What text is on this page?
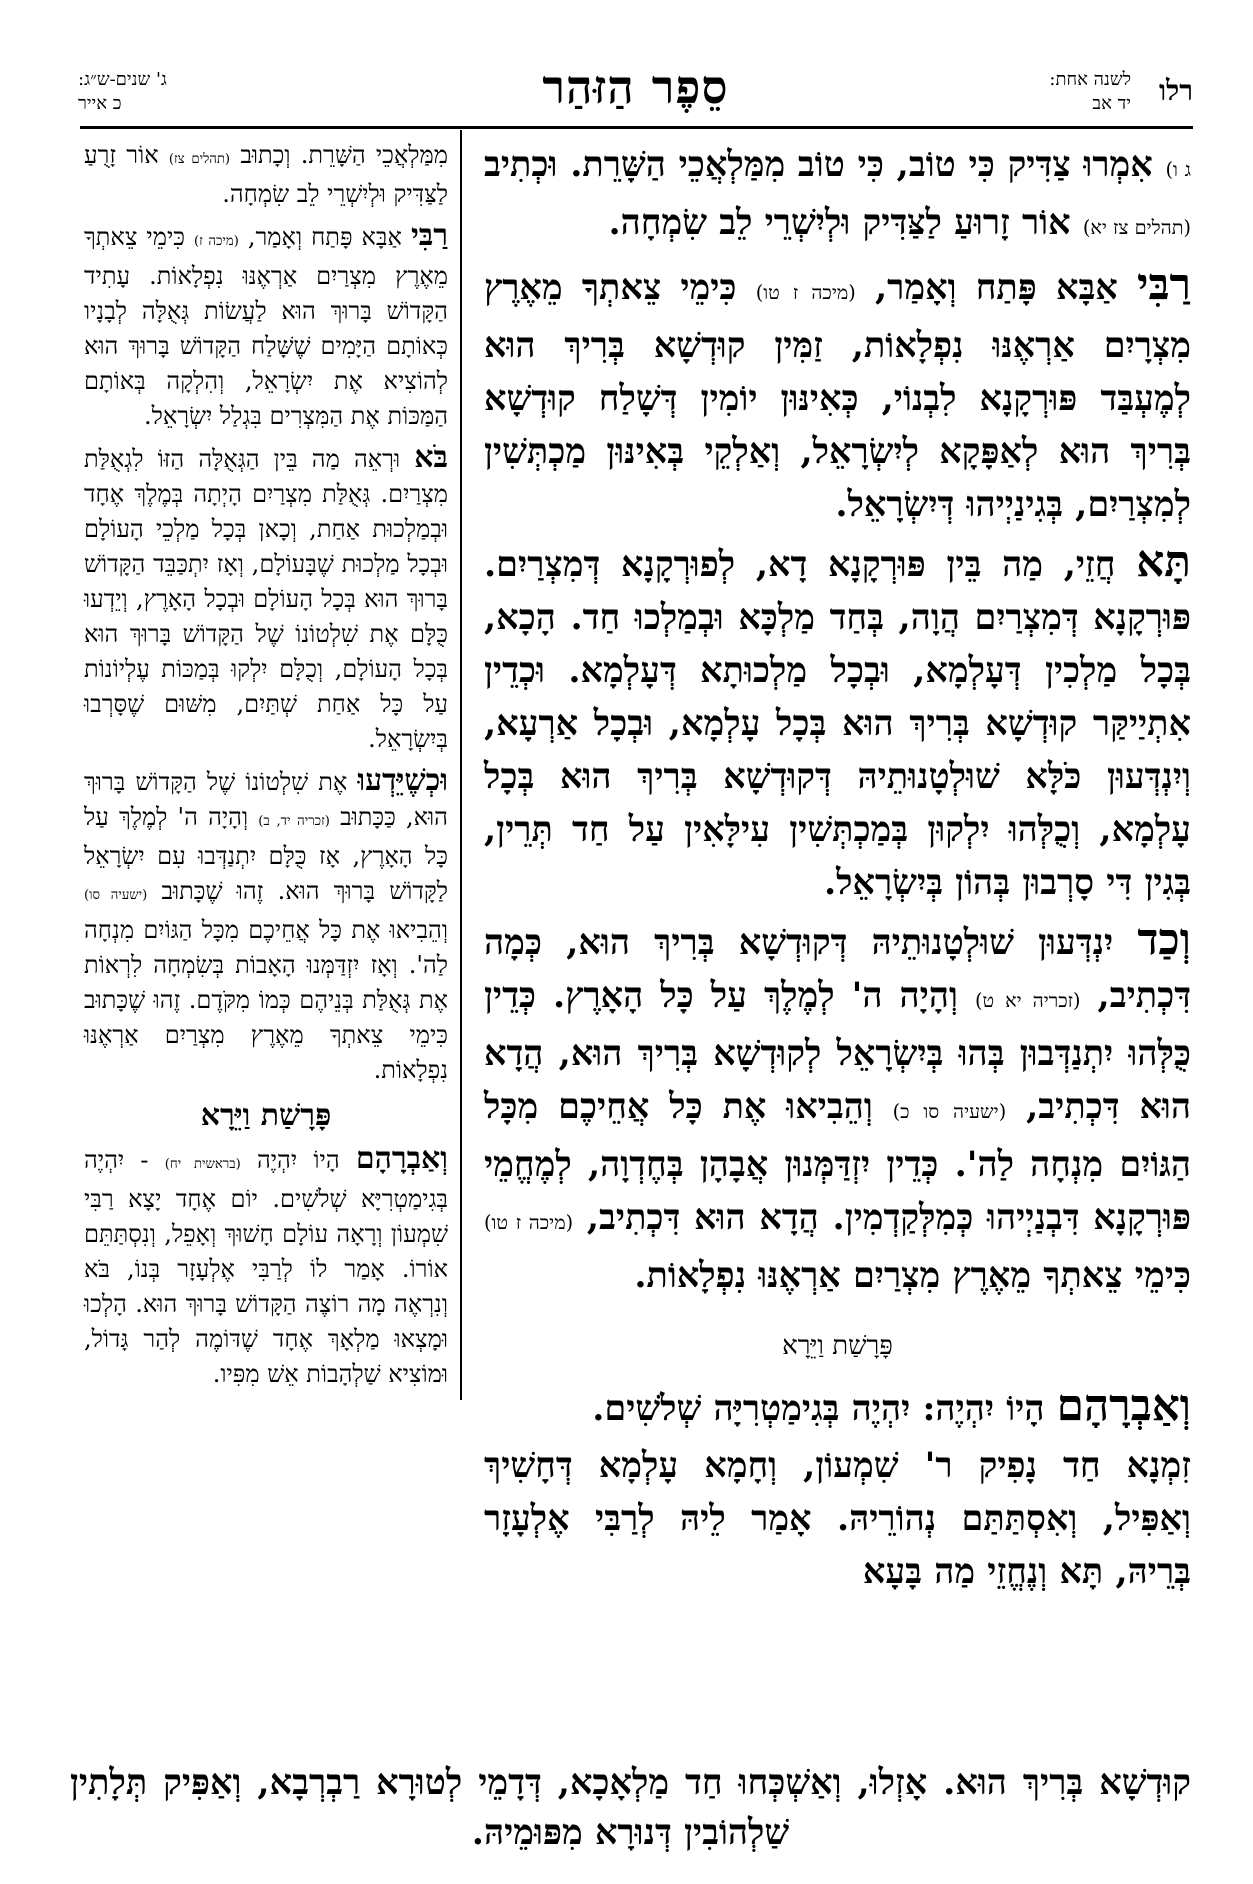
רלו
לשנה אחת:
יד אב
סֵפֶר הַזּהַר
ג' שנים-ש״ג:
כ אייר

ג ו) אִמְרוּ צַדִּיק כִּי טוֹב, כִּי טוֹב מִמַּלְאֲכֵי הַשָּׁרֵת. וּכְתִיב (תהלים צז יא) אוֹר זָרוּעַ לַצַּדִּיק וּלְיִשְׁרֵי לֵב שִׂמְחָה.

רַבִּי אַבָּא פָּתַח וְאָמַר, (מיכה ז טו) כִּימֵי צֵאתְךָ מֵאֶרֶץ מִצְרָיִם אַרְאֶנּוּ נִפְלָאוֹת, זַמִּין קוּדְשָׁא בְּרִיךְ הוּא לְמֶעְבַּד פּוּרְקָנָא לִבְנוֹי, כְּאִינּוּן יוֹמִין דְּשָׁלַח קוּדְשָׁא בְּרִיךְ הוּא לְאַפָּקָא לְיִשְׂרָאֵל, וְאַלְקֵי בְּאִינּוּן מַכְתְּשִׁין לְמִצְרַיִם, בְּגִינַיְיהוּ דְּיִשְׂרָאֵל.

תָּא חֲזֵי, מַה בֵּין פּוּרְקָנָא דָא, לְפוּרְקָנָא דְּמִצְרַיִם. פּוּרְקָנָא דְּמִצְרַיִם הֲוָה, בְּחַד מַלְכָּא וּבְמַלְכוּ חַד. הָכָא, בְּכָל מַלְכִין דְּעָלְמָא, וּבְכָל מַלְכוּתָא דְּעָלְמָא. וּכְדֵין אִתְיַיקַּר קוּדְשָׁא בְּרִיךְ הוּא בְּכָל עָלְמָא, וּבְכָל אַרְעָא, וְיִנְדְּעוּן כֹּלָּא שׁוּלְטָנוּתֵיהּ דְּקוּדְשָׁא בְּרִיךְ הוּא בְּכָל עָלְמָא, וְכֻלְּהוּ יִלְקוּן בְּמַכְתְּשִׁין עִילָּאִין עַל חַד תְּרֵין, בְּגִין דִּי סָרְבוּן בְּהוֹן בְּיִשְׂרָאֵל.

וְכַד יִנְדְּעוּן שׁוּלְטָנוּתֵיהּ דְּקוּדְשָׁא בְּרִיךְ הוּא, כְּמָה דִּכְתִיב, (זכריה יא ט) וְהָיָה ה' לְמֶלֶךְ עַל כָּל הָאָרֶץ. כְּדֵין כֻּלְּהוּ יִתְנַדְּבוּן בְּהוּ בְּיִשְׂרָאֵל לְקוּדְשָׁא בְּרִיךְ הוּא, הֲדָא הוּא דִּכְתִיב, (ישעיה סו כ) וְהֵבִיאוּ אֶת כָּל אֲחֵיכֶם מִכָּל הַגּוֹיִם מִנְחָה לַה'. כְּדֵין יִזְדַּמְּנוּן אֲבָהָן בְּחֶדְוָה, לְמֶחֱמֵי פּוּרְקָנָא דִּבְנַיְיהוּ כְּמִלְּקַדְמִין. הֲדָא הוּא דִּכְתִיב, (מיכה ז טו) כִּימֵי צֵאתְךָ מֵאֶרֶץ מִצְרַיִם אַרְאֶנּוּ נִפְלָאוֹת.

פָּרָשַׁת וַיֵּרָא

וְאַבְרָהָם הָיוֹ יִהְיֶה: יִהְיֶה בְּגִימַטְרִיָּה שְׁלֹשִׁים.

זִמְנָא חַד נָפִיק ר' שִׁמְעוֹן, וְחָמָא עָלְמָא דְּחָשִׁיךְ וְאַפִּיל, וְאִסְתַּתַּם נְהוֹרֵיהּ. אָמַר לֵיהּ לְרַבִּי אֶלְעָזָר בְּרֵיהּ, תָּא וְנֶחֱזֵי מַה בָּעָא

מִמַּלְאֲכֵי הַשָּׁרֵת. וְכָתוּב (תהלים צז) אוֹר זָרֻעַ לַצַּדִּיק וּלְיִשְׁרֵי לֵב שִׂמְחָה.

רַבִּי אַבָּא פָּתַח וְאָמַר, (מיכה ז) כִּימֵי צֵאתְךָ מֵאֶרֶץ מִצְרַיִם אַרְאֶנּוּ נִפְלָאוֹת. עָתִיד הַקָּדוֹשׁ בָּרוּךְ הוּא לַעֲשׂוֹת גְּאֻלָּה לְבָנָיו כְּאוֹתָם הַיָּמִים שֶׁשָּׁלַח הַקָּדוֹשׁ בָּרוּךְ הוּא לְהוֹצִיא אֶת יִשְׂרָאֵל, וְהִלְקָה בְּאוֹתָם הַמַּכּוֹת אֶת הַמִּצְרִים בִּגְלַל יִשְׂרָאֵל.

בֹּא וּרְאֵה מַה בֵּין הַגְּאֻלָּה הַזּוֹ לִגְאֻלַּת מִצְרַיִם. גְּאֻלַּת מִצְרַיִם הָיְתָה בְּמֶלֶךְ אֶחָד וּבְמַלְכוּת אַחַת, וְכָאן בְּכָל מַלְכֵי הָעוֹלָם וּבְכָל מַלְכוּת שֶׁבָּעוֹלָם, וְאָז יִתְכַּבֵּד הַקָּדוֹשׁ בָּרוּךְ הוּא בְּכָל הָעוֹלָם וּבְכָל הָאָרֶץ, וְיֵדְעוּ כֻּלָּם אֶת שִׁלְטוֹנוֹ שֶׁל הַקָּדוֹשׁ בָּרוּךְ הוּא בְּכָל הָעוֹלָם, וְכֻלָּם יִלְקוּ בְּמַכּוֹת עֶלְיוֹנוֹת עַל כָּל אַחַת שְׁתַּיִם, מִשּׁוּם שֶׁסָּרְבוּ בְּיִשְׂרָאֵל.

וּכְשֶׁיֵּדְעוּ אֶת שִׁלְטוֹנוֹ שֶׁל הַקָּדוֹשׁ בָּרוּךְ הוּא, כַּכָּתוּב (זכריה יד, ב) וְהָיָה ה' לְמֶלֶךְ עַל כָּל הָאָרֶץ, אָז כֻּלָּם יִתְנַדְּבוּ עִם יִשְׂרָאֵל לַקָּדוֹשׁ בָּרוּךְ הוּא. זֶהוּ שֶׁכָּתוּב (ישעיה סו) וְהֵבִיאוּ אֶת כָּל אֲחֵיכֶם מִכָּל הַגּוֹיִם מִנְחָה לַה'. וְאָז יִזְדַּמְּנוּ הָאָבוֹת בְּשִׂמְחָה לִרְאוֹת אֶת גְּאֻלַּת בְּנֵיהֶם כְּמוֹ מִקֹּדֶם. זֶהוּ שֶׁכָּתוּב כִּימֵי צֵאתְךָ מֵאֶרֶץ מִצְרַיִם אַרְאֶנּוּ נִפְלָאוֹת.

פָּרָשַׁת וַיֵּרָא

וְאַבְרָהָם הָיוֹ יִהְיֶה (בראשית יח) - יִהְיֶה בְּגִימַטְרִיָּא שְׁלֹשִׁים. יוֹם אֶחָד יָצָא רַבִּי שִׁמְעוֹן וְרָאָה עוֹלָם חָשׁוּךְ וְאָפֵל, וְנִסְתַּתֵּם אוֹרוֹ. אָמַר לוֹ לְרַבִּי אֶלְעָזָר בְּנוֹ, בֹּא וְנִרְאֶה מָה רוֹצֶה הַקָּדוֹשׁ בָּרוּךְ הוּא. הָלְכוּ וּמָצְאוּ מַלְאָךְ אֶחָד שֶׁדּוֹמֶה לְהַר גָּדוֹל, וּמוֹצִיא שַׁלְהָבוֹת אֵשׁ מִפִּיו.

קוּדְשָׁא בְּרִיךְ הוּא. אָזְלוּ, וְאַשְׁכְּחוּ חַד מַלְאָכָא, דְּדָמֵי לְטוּרָא רַבְרְבָא, וְאַפִּיק תְּלָתִין שַׁלְהוֹבִין דְּנוּרָא מִפּוּמֵיהּ.
